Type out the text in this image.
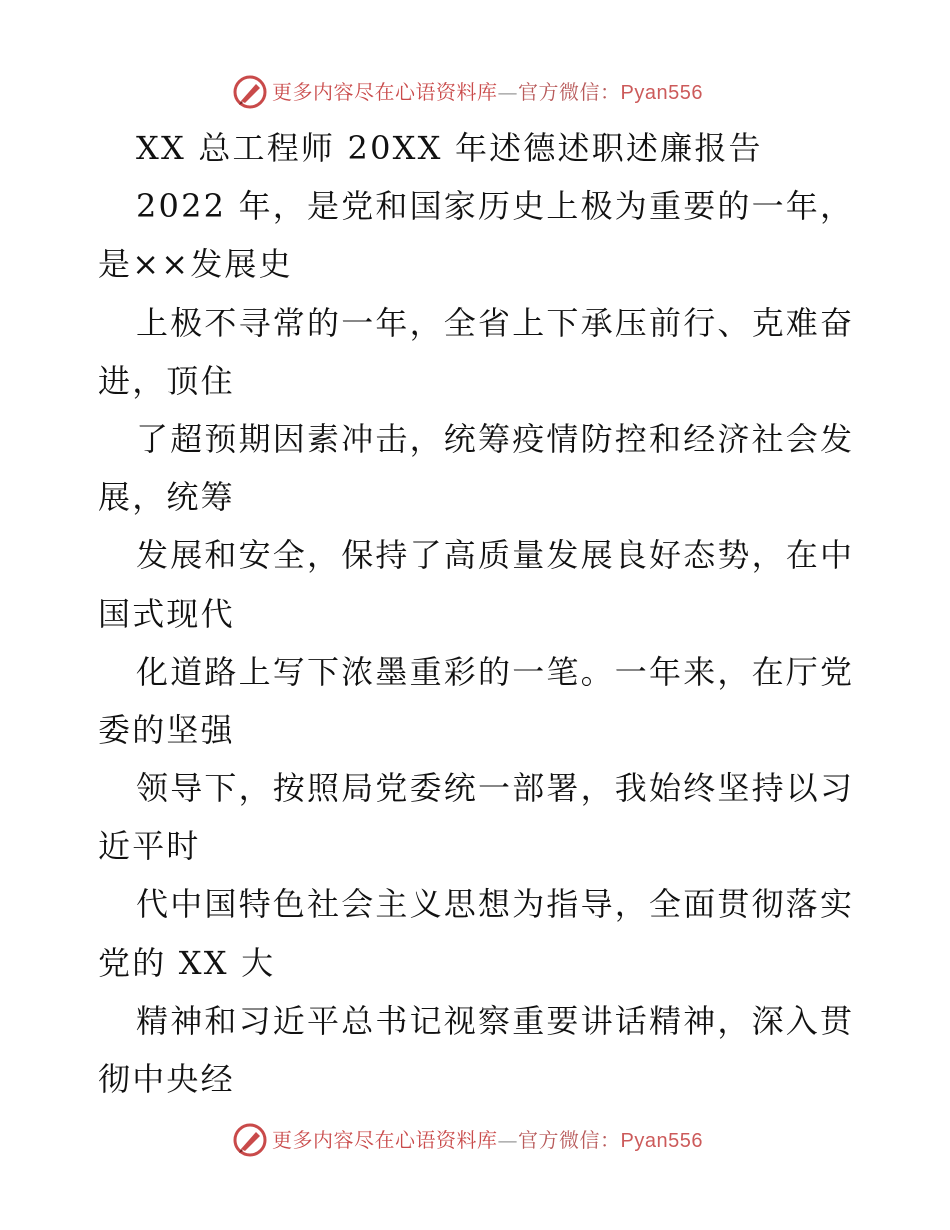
更多内容尽在心语资料库—官方微信：Pyan556
XX 总工程师 20XX 年述德述职述廉报告
2022 年，是党和国家历史上极为重要的一年，
是××发展史
上极不寻常的一年，全省上下承压前行、克难奋
进，顶住
了超预期因素冲击，统筹疫情防控和经济社会发
展，统筹
发展和安全，保持了高质量发展良好态势，在中
国式现代
化道路上写下浓墨重彩的一笔。一年来，在厅党
委的坚强
领导下，按照局党委统一部署，我始终坚持以习
近平时
代中国特色社会主义思想为指导，全面贯彻落实
党的 XX 大
精神和习近平总书记视察重要讲话精神，深入贯
彻中央经
更多内容尽在心语资料库—官方微信：Pyan556
